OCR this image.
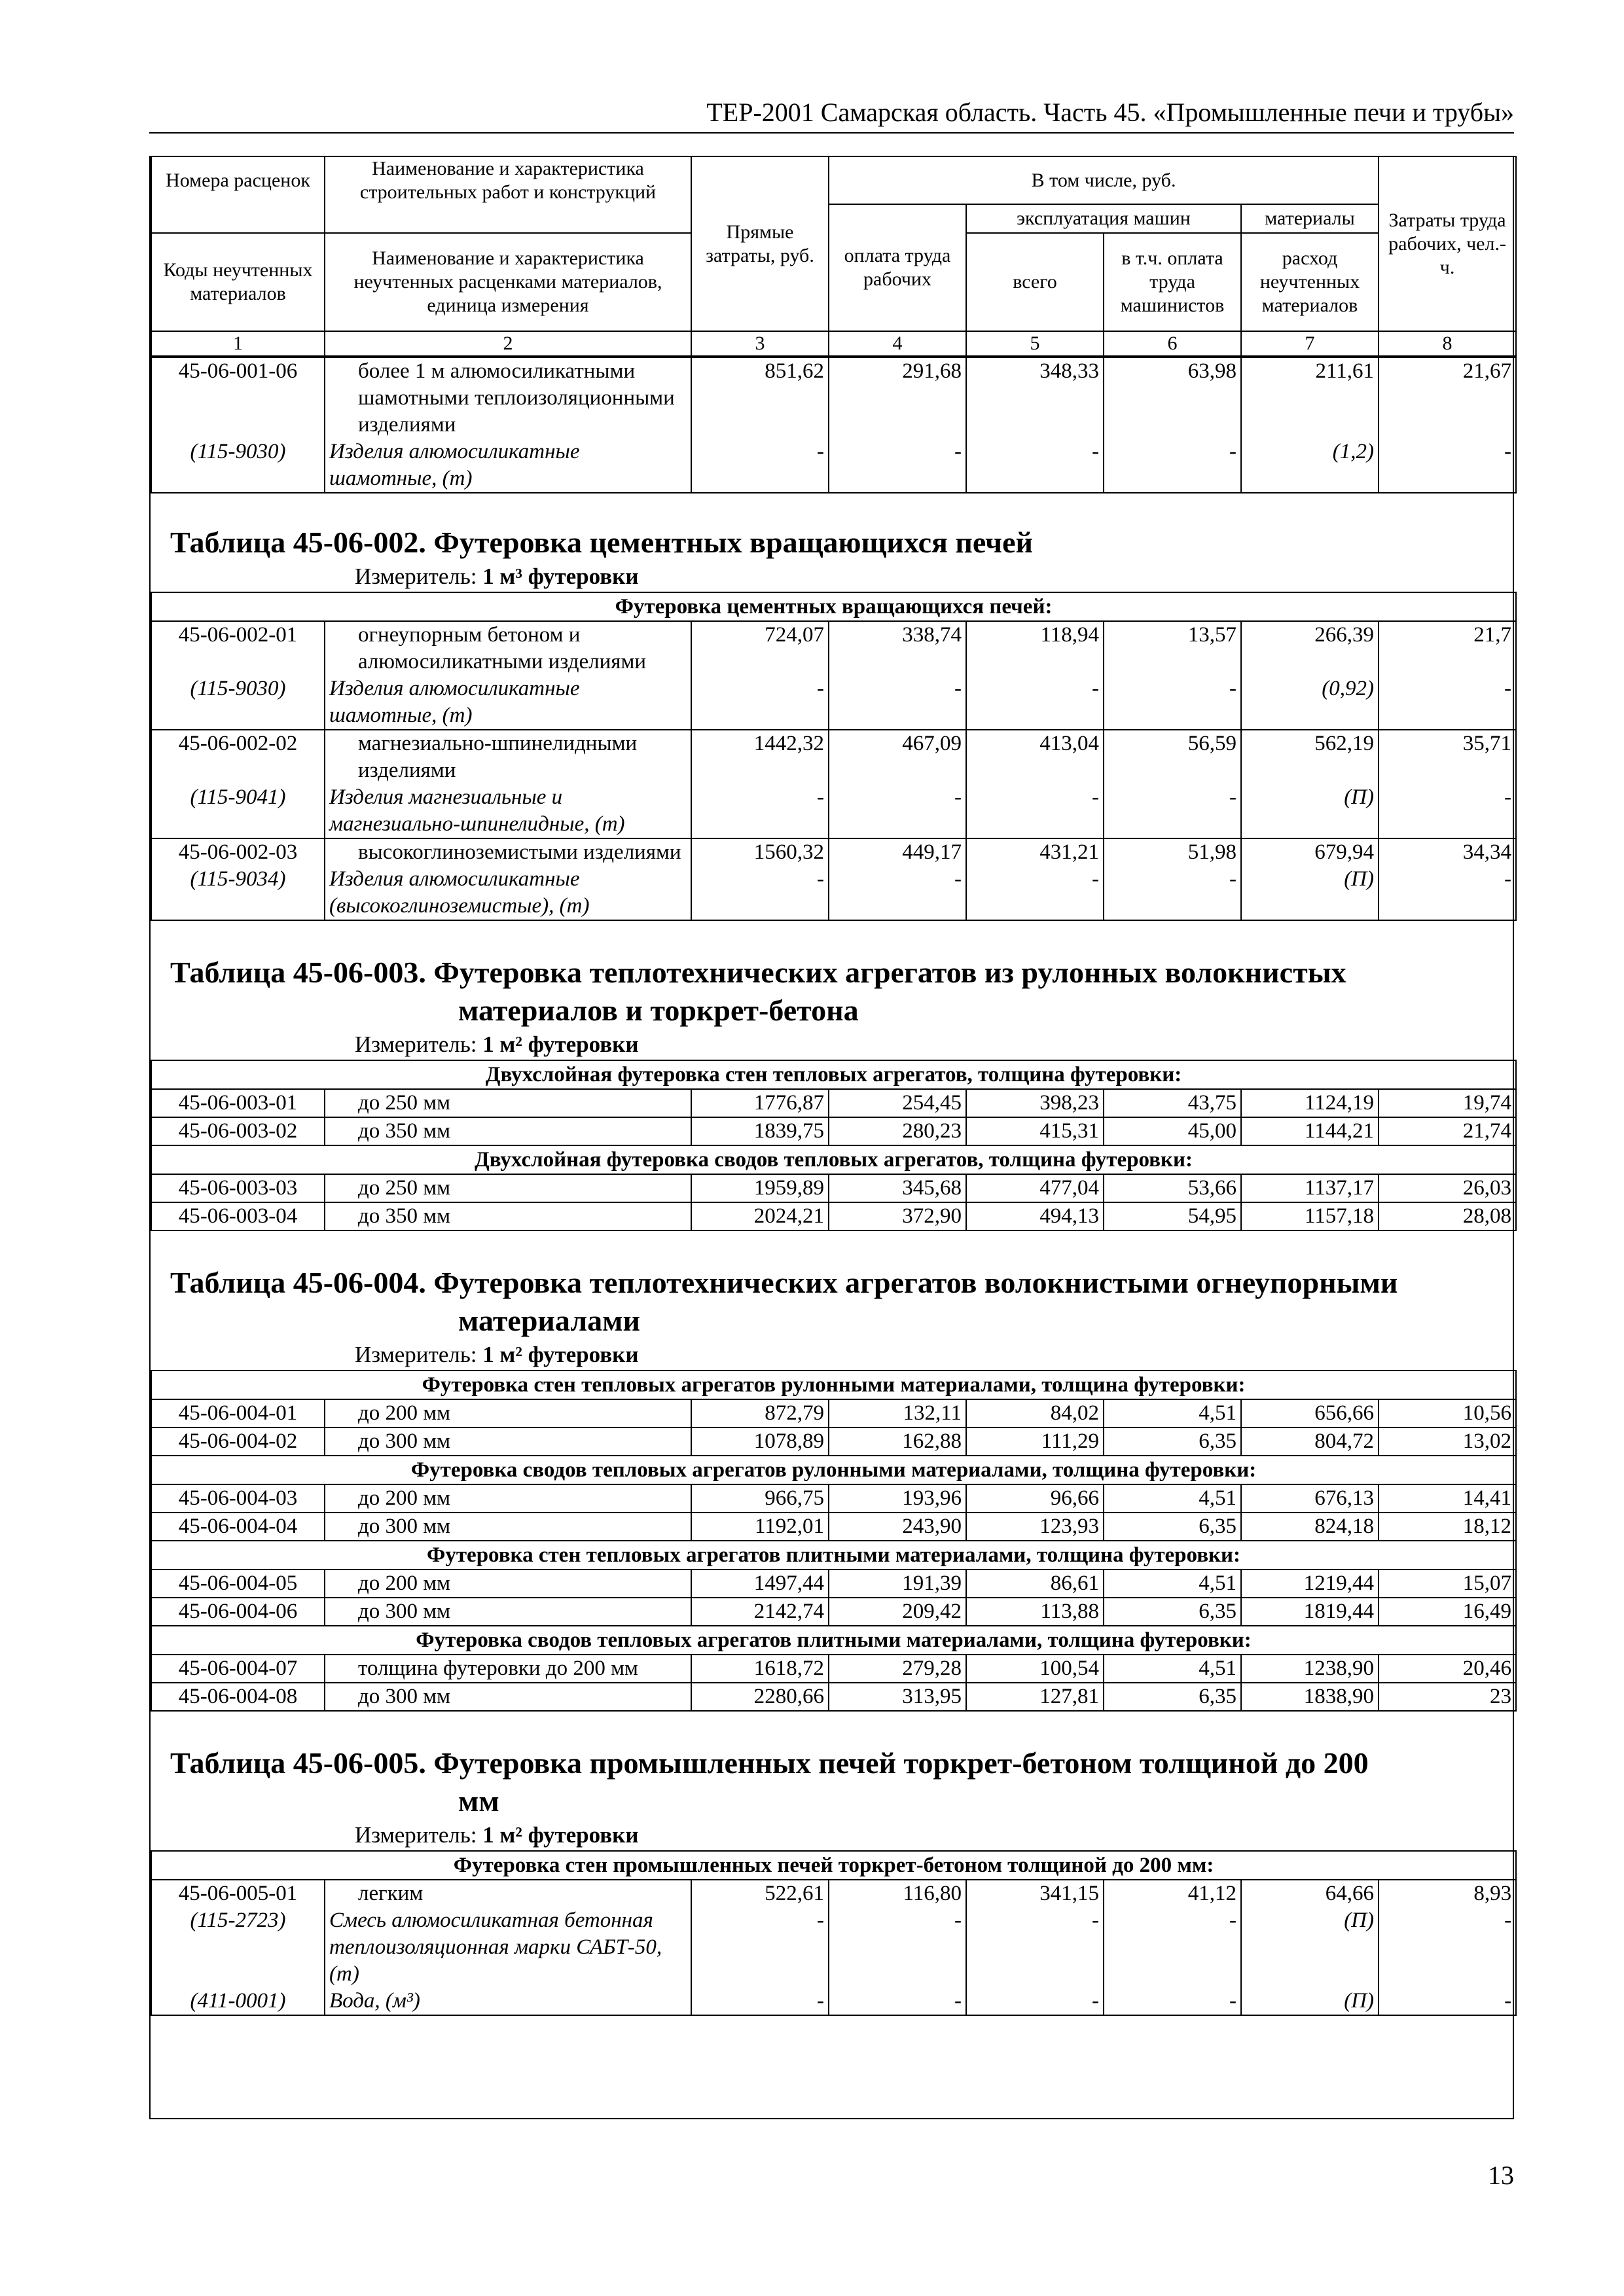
ТЕР-2001 Самарская область. Часть 45. «Промышленные печи и трубы»
Номера расценок	Наименование и характеристика строительных работ и конструкций	Прямые затраты, руб.	В том числе, руб.				Затраты труда рабочих, чел.-ч.
			оплата труда рабочих	эксплуатация машин		материалы	
Коды неучтенных материалов	Наименование и характеристика неучтенных расценками материалов, единица измерения			всего	в т.ч. оплата труда машинистов	расход неучтенных материалов	
1	2	3	4	5	6	7	8
45-06-001-06	более 1 м алюмосиликатными шамотными теплоизоляционными изделиями	851,62	291,68	348,33	63,98	211,61	21,67
(115-9030)	Изделия алюмосиликатные шамотные, (т)	-	-	-	-	(1,2)	-
Таблица 45-06-002. Футеровка цементных вращающихся печей
Измеритель: 1 м³ футеровки
Футеровка цементных вращающихся печей:							
45-06-002-01	огнеупорным бетоном и алюмосиликатными изделиями	724,07	338,74	118,94	13,57	266,39	21,7
(115-9030)	Изделия алюмосиликатные шамотные, (т)	-	-	-	-	(0,92)	-
45-06-002-02	магнезиально-шпинелидными изделиями	1442,32	467,09	413,04	56,59	562,19	35,71
(115-9041)	Изделия магнезиальные и магнезиально-шпинелидные, (т)	-	-	-	-	(П)	-
45-06-002-03	высокоглиноземистыми изделиями	1560,32	449,17	431,21	51,98	679,94	34,34
(115-9034)	Изделия алюмосиликатные (высокоглиноземистые), (т)	-	-	-	-	(П)	-
Таблица 45-06-003. Футеровка теплотехнических агрегатов из рулонных волокнистых
материалов и торкрет-бетона
Измеритель: 1 м² футеровки
Двухслойная футеровка стен тепловых агрегатов, толщина футеровки:							
45-06-003-01	до 250 мм	1776,87	254,45	398,23	43,75	1124,19	19,74
45-06-003-02	до 350 мм	1839,75	280,23	415,31	45,00	1144,21	21,74
Двухслойная футеровка сводов тепловых агрегатов, толщина футеровки:							
45-06-003-03	до 250 мм	1959,89	345,68	477,04	53,66	1137,17	26,03
45-06-003-04	до 350 мм	2024,21	372,90	494,13	54,95	1157,18	28,08
Таблица 45-06-004. Футеровка теплотехнических агрегатов волокнистыми огнеупорными
материалами
Измеритель: 1 м² футеровки
Футеровка стен тепловых агрегатов рулонными материалами, толщина футеровки:							
45-06-004-01	до 200 мм	872,79	132,11	84,02	4,51	656,66	10,56
45-06-004-02	до 300 мм	1078,89	162,88	111,29	6,35	804,72	13,02
Футеровка сводов тепловых агрегатов рулонными материалами, толщина футеровки:							
45-06-004-03	до 200 мм	966,75	193,96	96,66	4,51	676,13	14,41
45-06-004-04	до 300 мм	1192,01	243,90	123,93	6,35	824,18	18,12
Футеровка стен тепловых агрегатов плитными материалами, толщина футеровки:							
45-06-004-05	до 200 мм	1497,44	191,39	86,61	4,51	1219,44	15,07
45-06-004-06	до 300 мм	2142,74	209,42	113,88	6,35	1819,44	16,49
Футеровка сводов тепловых агрегатов плитными материалами, толщина футеровки:							
45-06-004-07	толщина футеровки до 200 мм	1618,72	279,28	100,54	4,51	1238,90	20,46
45-06-004-08	до 300 мм	2280,66	313,95	127,81	6,35	1838,90	23
Таблица 45-06-005. Футеровка промышленных печей торкрет-бетоном толщиной до 200
мм
Измеритель: 1 м² футеровки
Футеровка стен промышленных печей торкрет-бетоном толщиной до 200 мм:							
45-06-005-01	легким	522,61	116,80	341,15	41,12	64,66	8,93
(115-2723)	Смесь алюмосиликатная бетонная теплоизоляционная марки САБТ-50, (т)	-	-	-	-	(П)	-
(411-0001)	Вода, (м³)	-	-	-	-	(П)	-
13
